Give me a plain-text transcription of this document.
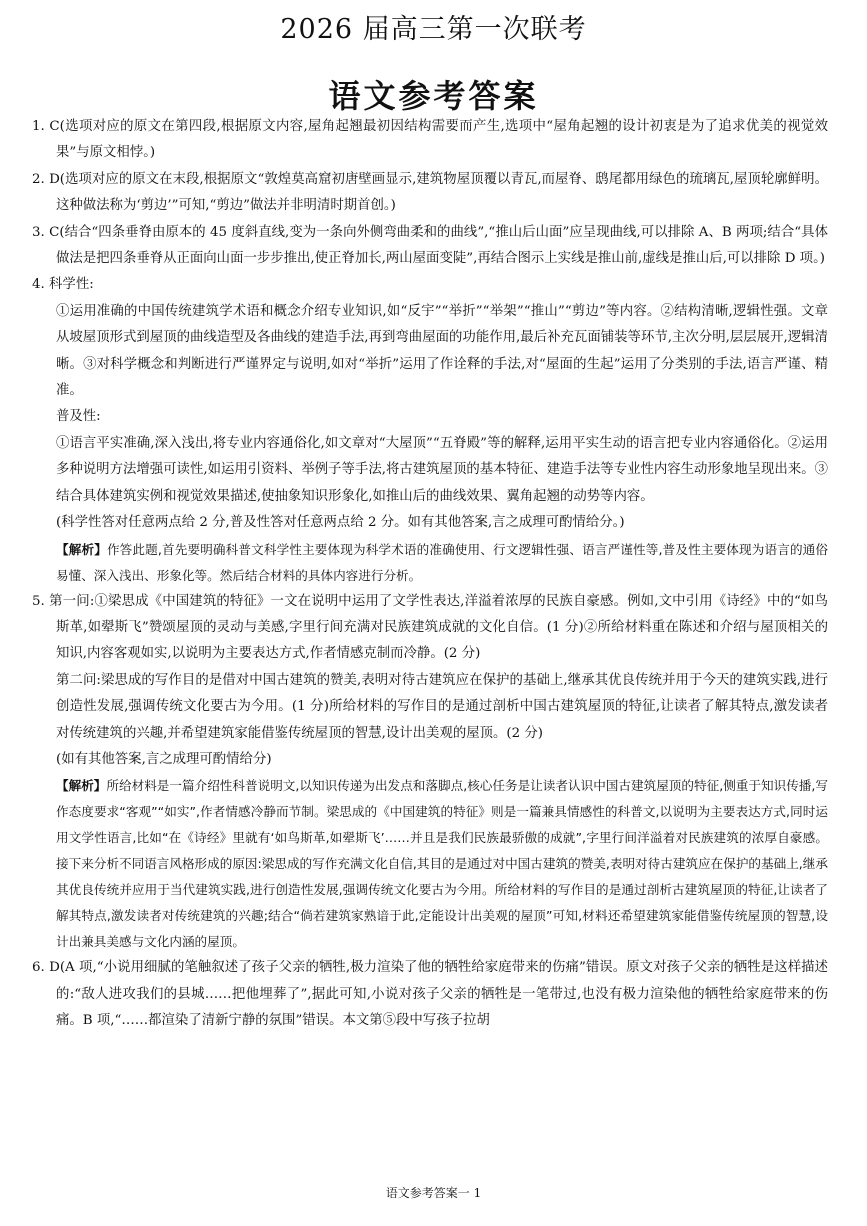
2026 届高三第一次联考
语文参考答案

1. C(选项对应的原文在第四段,根据原文内容,屋角起翘最初因结构需要而产生,选项中“屋角起翘的设计初衷是为了追求优美的视觉效果”与原文相悖。)

2. D(选项对应的原文在末段,根据原文“敦煌莫高窟初唐壁画显示,建筑物屋顶覆以青瓦,而屋脊、鸱尾都用绿色的琉璃瓦,屋顶轮廓鲜明。这种做法称为‘剪边’”可知,“剪边”做法并非明清时期首创。)

3. C(结合“四条垂脊由原本的 45 度斜直线,变为一条向外侧弯曲柔和的曲线”,“推山后山面”应呈现曲线,可以排除 A、B 两项;结合“具体做法是把四条垂脊从正面向山面一步步推出,使正脊加长,两山屋面变陡”,再结合图示上实线是推山前,虚线是推山后,可以排除 D 项。)

4. 科学性:

①运用准确的中国传统建筑学术语和概念介绍专业知识,如“反宇”“举折”“举架”“推山”“剪边”等内容。②结构清晰,逻辑性强。文章从坡屋顶形式到屋顶的曲线造型及各曲线的建造手法,再到弯曲屋面的功能作用,最后补充瓦面铺装等环节,主次分明,层层展开,逻辑清晰。③对科学概念和判断进行严谨界定与说明,如对“举折”运用了作诠释的手法,对“屋面的生起”运用了分类别的手法,语言严谨、精准。

普及性:

①语言平实准确,深入浅出,将专业内容通俗化,如文章对“大屋顶”“五脊殿”等的解释,运用平实生动的语言把专业内容通俗化。②运用多种说明方法增强可读性,如运用引资料、举例子等手法,将古建筑屋顶的基本特征、建造手法等专业性内容生动形象地呈现出来。③结合具体建筑实例和视觉效果描述,使抽象知识形象化,如推山后的曲线效果、翼角起翘的动势等内容。

(科学性答对任意两点给 2 分,普及性答对任意两点给 2 分。如有其他答案,言之成理可酌情给分。)

【解析】作答此题,首先要明确科普文科学性主要体现为科学术语的准确使用、行文逻辑性强、语言严谨性等,普及性主要体现为语言的通俗易懂、深入浅出、形象化等。然后结合材料的具体内容进行分析。

5. 第一问:①梁思成《中国建筑的特征》一文在说明中运用了文学性表达,洋溢着浓厚的民族自豪感。例如,文中引用《诗经》中的“如鸟斯革,如翚斯飞”赞颂屋顶的灵动与美感,字里行间充满对民族建筑成就的文化自信。(1 分)②所给材料重在陈述和介绍与屋顶相关的知识,内容客观如实,以说明为主要表达方式,作者情感克制而冷静。(2 分)

第二问:梁思成的写作目的是借对中国古建筑的赞美,表明对待古建筑应在保护的基础上,继承其优良传统并用于今天的建筑实践,进行创造性发展,强调传统文化要古为今用。(1 分)所给材料的写作目的是通过剖析中国古建筑屋顶的特征,让读者了解其特点,激发读者对传统建筑的兴趣,并希望建筑家能借鉴传统屋顶的智慧,设计出美观的屋顶。(2 分)

(如有其他答案,言之成理可酌情给分)

【解析】所给材料是一篇介绍性科普说明文,以知识传递为出发点和落脚点,核心任务是让读者认识中国古建筑屋顶的特征,侧重于知识传播,写作态度要求“客观”“如实”,作者情感冷静而节制。梁思成的《中国建筑的特征》则是一篇兼具情感性的科普文,以说明为主要表达方式,同时运用文学性语言,比如“在《诗经》里就有‘如鸟斯革,如翚斯飞’……并且是我们民族最骄傲的成就”,字里行间洋溢着对民族建筑的浓厚自豪感。接下来分析不同语言风格形成的原因:梁思成的写作充满文化自信,其目的是通过对中国古建筑的赞美,表明对待古建筑应在保护的基础上,继承其优良传统并应用于当代建筑实践,进行创造性发展,强调传统文化要古为今用。所给材料的写作目的是通过剖析古建筑屋顶的特征,让读者了解其特点,激发读者对传统建筑的兴趣;结合“倘若建筑家熟谙于此,定能设计出美观的屋顶”可知,材料还希望建筑家能借鉴传统屋顶的智慧,设计出兼具美感与文化内涵的屋顶。

6. D(A 项,“小说用细腻的笔触叙述了孩子父亲的牺牲,极力渲染了他的牺牲给家庭带来的伤痛”错误。原文对孩子父亲的牺牲是这样描述的:“敌人进攻我们的县城……把他埋葬了”,据此可知,小说对孩子父亲的牺牲是一笔带过,也没有极力渲染他的牺牲给家庭带来的伤痛。B 项,“……都渲染了清新宁静的氛围”错误。本文第⑤段中写孩子拉胡

语文参考答案一 1
